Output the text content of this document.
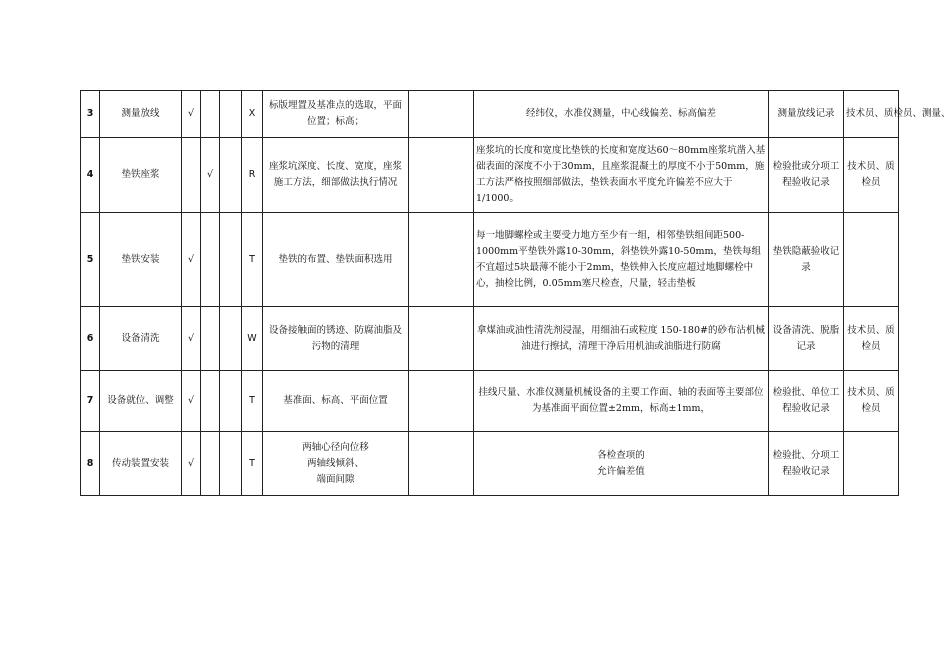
3	测量放线	√			X	标版埋置及基准点的选取，平面位置；标高；		经纬仪，水准仪测量，中心线偏差、标高偏差	测量放线记录	技术员、质检员、测量、
4	垫铁座浆		√		R	座浆坑深度、长度、宽度，座浆施工方法，细部做法执行情况		座浆坑的长度和宽度比垫铁的长度和宽度达60～80mm座浆坑凿入基础表面的深度不小于30mm，且座浆混凝土的厚度不小于50mm，施工方法严格按照细部做法，垫铁表面水平度允许偏差不应大于 1/1000。	检验批或分项工程验收记录	技术员、质检员
5	垫铁安装	√			T	垫铁的布置、垫铁面积选用		每一地脚螺栓或主要受力地方至少有一组，相邻垫铁组间距500-1000mm平垫铁外露10-30mm，斜垫铁外露10-50mm，垫铁每组不宜超过5块最薄不能小于2mm，垫铁伸入长度应超过地脚螺栓中心，抽检比例，0.05mm塞尺检查，尺量，轻击垫板	垫铁隐蔽验收记录	
6	设备清洗	√			W	设备接触面的锈迹、防腐油脂及污物的清理		拿煤油或油性清洗剂浸湿，用细油石或粒度 150-180#的砂布沾机械油进行擦拭，清理干净后用机油或油脂进行防腐	设备清洗、脱脂记录	技术员、质检员
7	设备就位、调整	√			T	基准面、标高、平面位置		挂线尺量、水准仪测量机械设备的主要工作面、轴的表面等主要部位为基准面平面位置±2mm，标高±1mm，	检验批、单位工程验收记录	技术员、质检员
8	传动装置安装	√			T	两轴心径向位移
两轴线倾斜、
端面间隙		各检查项的
允许偏差值	检验批、分项工程验收记录	
